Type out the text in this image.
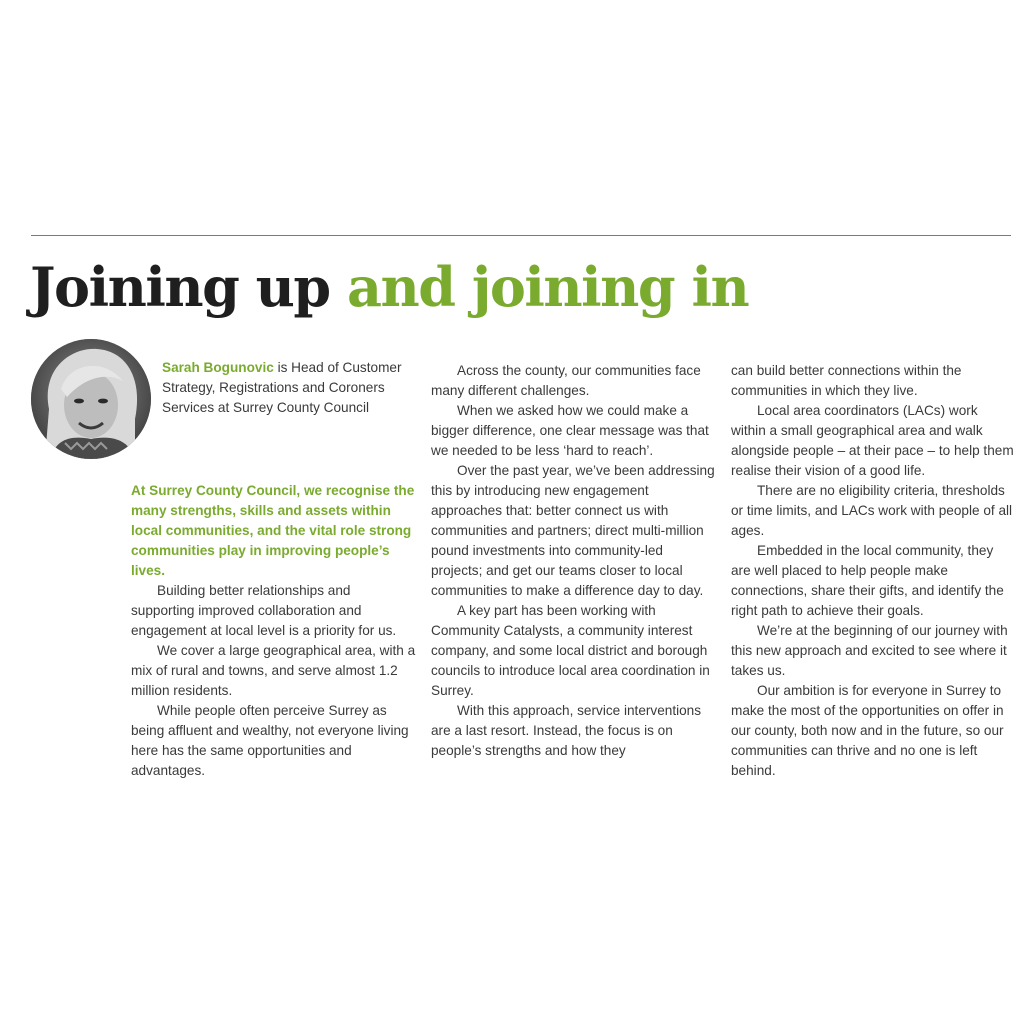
Joining up and joining in
Sarah Bogunovic is Head of Customer Strategy, Registrations and Coroners Services at Surrey County Council

At Surrey County Council, we recognise the many strengths, skills and assets within local communities, and the vital role strong communities play in improving people’s lives.

Building better relationships and supporting improved collaboration and engagement at local level is a priority for us.

We cover a large geographical area, with a mix of rural and towns, and serve almost 1.2 million residents.

While people often perceive Surrey as being affluent and wealthy, not everyone living here has the same opportunities and advantages.

Across the county, our communities face many different challenges.

When we asked how we could make a bigger difference, one clear message was that we needed to be less ‘hard to reach’.

Over the past year, we’ve been addressing this by introducing new engagement approaches that: better connect us with communities and partners; direct multi-million pound investments into community-led projects; and get our teams closer to local communities to make a difference day to day.

A key part has been working with Community Catalysts, a community interest company, and some local district and borough councils to introduce local area coordination in Surrey.

With this approach, service interventions are a last resort. Instead, the focus is on people’s strengths and how they

can build better connections within the communities in which they live.

Local area coordinators (LACs) work within a small geographical area and walk alongside people – at their pace – to help them realise their vision of a good life.

There are no eligibility criteria, thresholds or time limits, and LACs work with people of all ages.

Embedded in the local community, they are well placed to help people make connections, share their gifts, and identify the right path to achieve their goals.

We’re at the beginning of our journey with this new approach and excited to see where it takes us.

Our ambition is for everyone in Surrey to make the most of the opportunities on offer in our county, both now and in the future, so our communities can thrive and no one is left behind.
